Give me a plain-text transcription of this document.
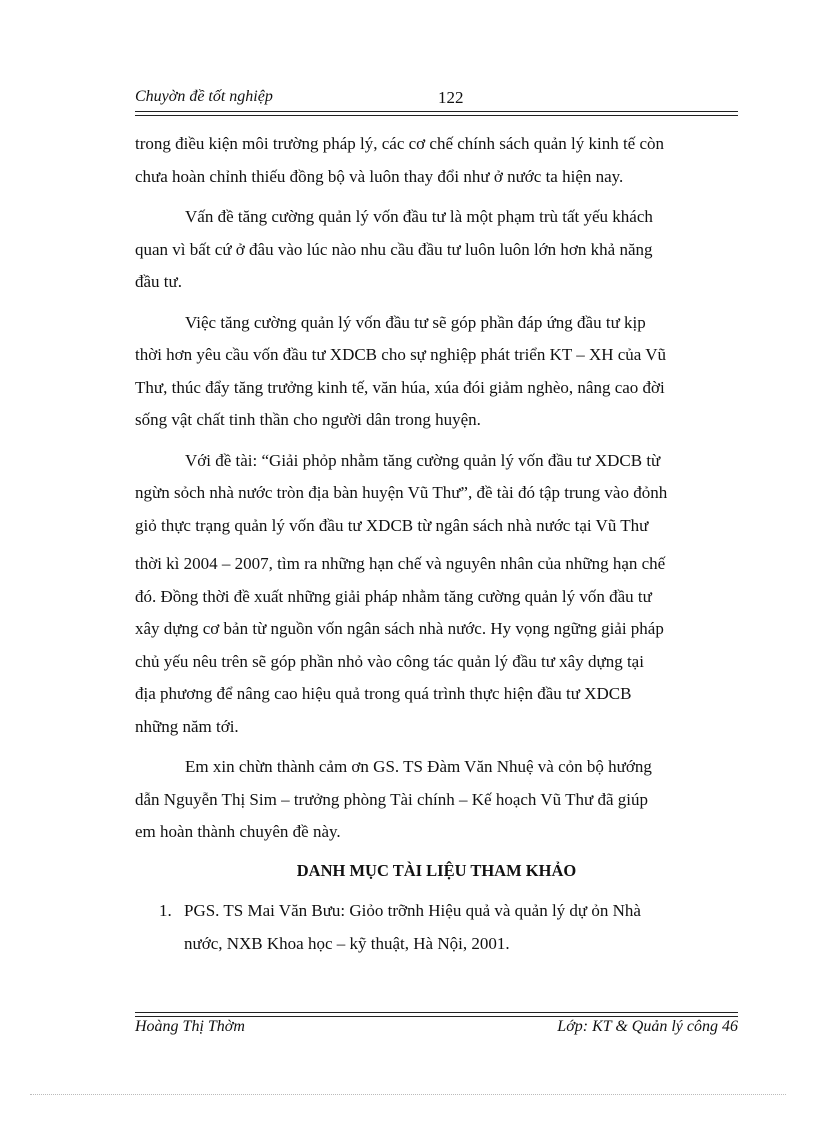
Chuyờn đề tốt nghiệp	122
trong điều kiện môi trường pháp lý, các cơ chế chính sách quản lý kinh tế còn
chưa hoàn chỉnh thiếu đồng bộ và luôn thay đổi như ở nước ta hiện nay.
Vấn đề tăng cường quản lý vốn đầu tư là một phạm trù tất yếu khách
quan vì bất cứ ở đâu vào lúc nào nhu cầu đầu tư luôn luôn lớn hơn khả năng
đầu tư.
Việc tăng cường quản lý vốn đầu tư sẽ góp phần đáp ứng đầu tư kịp
thời hơn yêu cầu vốn đầu tư XDCB cho sự nghiệp phát triển KT – XH của Vũ
Thư, thúc đẩy tăng trưởng kinh tế, văn húa, xúa đói giảm nghèo, nâng cao đời
sống vật chất tinh thần cho người dân trong huyện.
Với đề tài: “Giải phỏp nhằm tăng cường quản lý vốn đầu tư XDCB từ
ngừn sỏch nhà nước tròn địa bàn huyện Vũ Thư”, đề tài đó tập trung vào đỏnh
giỏ thực trạng quản lý vốn đầu tư XDCB từ ngân sách nhà nước tại Vũ Thư
thời kì 2004 – 2007, tìm ra những hạn chế và nguyên nhân của những hạn chế
đó. Đồng thời đề xuất những giải pháp nhằm tăng cường quản lý vốn đầu tư
xây dựng cơ bản từ nguồn vốn ngân sách nhà nước. Hy vọng ngững giải pháp
chủ yếu nêu trên sẽ góp phần nhỏ vào công tác quản lý đầu tư xây dựng tại
địa phương để nâng cao hiệu quả trong quá trình thực hiện đầu tư XDCB
những năm tới.
Em xin chừn thành cảm ơn GS. TS Đàm Văn Nhuệ và cỏn bộ hướng
dẫn Nguyễn Thị Sim – trưởng phòng Tài chính – Kế hoạch Vũ Thư đã giúp
em hoàn thành chuyên đề này.
DANH MỤC TÀI LIỆU THAM KHẢO
1. PGS. TS Mai Văn Bưu: Giỏo trỡnh Hiệu quả và quản lý dự ỏn Nhà
nước, NXB Khoa học – kỹ thuật, Hà Nội, 2001.
Hoàng Thị Thờm	Lớp: KT & Quản lý công 46
